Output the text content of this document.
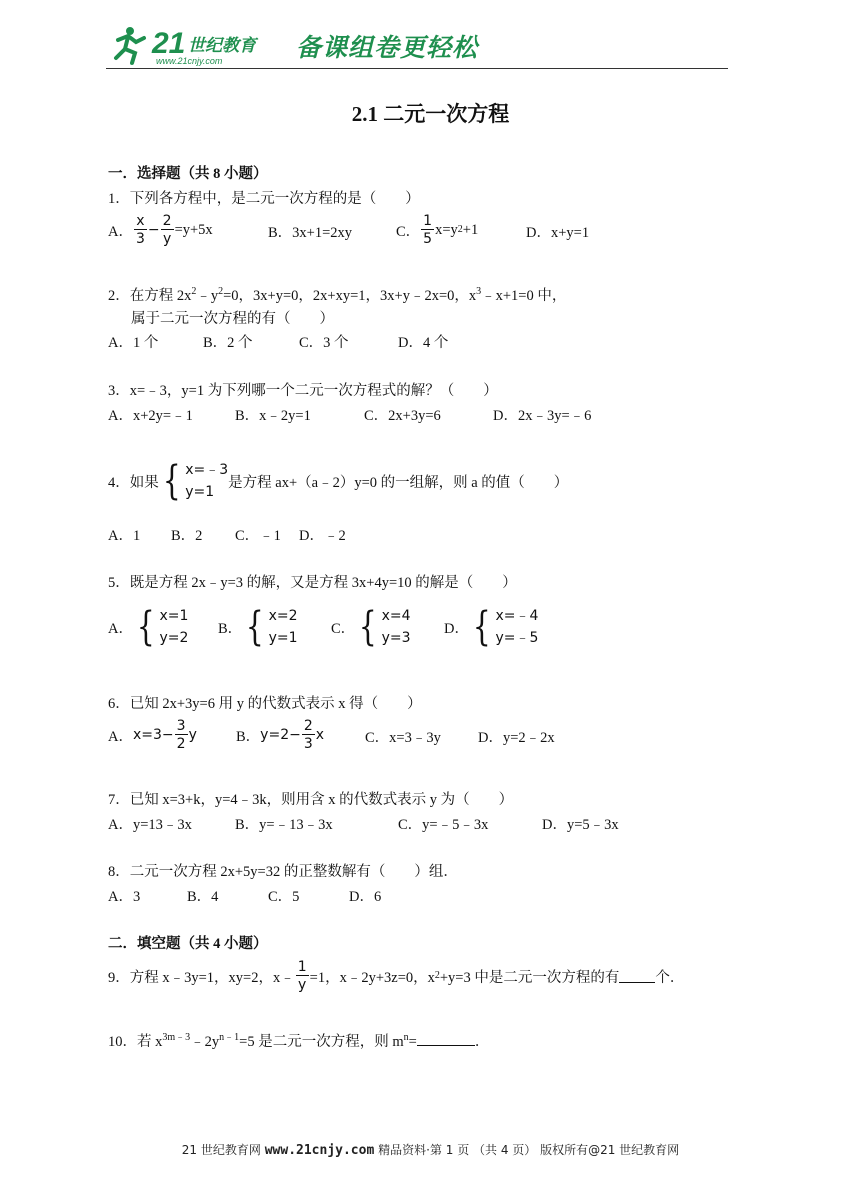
21 世纪教育
www.21cnjy.com	备课组卷更轻松
2.1 二元一次方程
一．选择题（共 8 小题）
1．下列各方程中，是二元一次方程的是（　　）
A． $\frac{x}{3} - \frac{2}{y} =y+5x$	B．3x+1=2xy	C． $\frac{1}{5} x=y$ 2 +1	D．x+y=1
2．在方程 $2x^2﹣y^2=0$，3x+y=0，2x+xy=1，3x+y﹣2x=0，$x^3﹣x+1=0$ 中，
属于二元一次方程的有（　　）
A．1 个	B．2 个	C．3 个	D．4 个
3．x=﹣3，y=1 为下列哪一个二元一次方程式的解？（　　）
A．x+2y=﹣1	B．x﹣2y=1	C．2x+3y=6	D．2x﹣3y=﹣6
4．如果 { x=﹣3
y=1
是方程 ax+（a﹣2）y=0 的一组解，则 a 的值（　　）
A．1 B．2 C．﹣1 D．﹣2
5．既是方程 2x﹣y=3 的解，又是方程 3x+4y=10 的解是（　　）
A． { x=1
y=2
B． { x=2
y=1
C． { x=4
y=3
D． { x=﹣4
y=﹣5
6．已知 2x+3y=6 用 y 的代数式表示 x 得（　　）
A． $x=3- \frac{3}{2}$ y	B． $y=2- \frac{2}{3}$ x	C．x=3﹣3y	D．y=2﹣2x
7．已知 x=3+k，y=4﹣3k，则用含 x 的代数式表示 y 为（　　）
A．y=13﹣3x	B．y=﹣13﹣3x	C．y=﹣5﹣3x	D．y=5﹣3x
8．二元一次方程 2x+5y=32 的正整数解有（　　）组．
A．3	B．4	C．5	D．6
二．填空题（共 4 小题）
9．方程 x﹣3y=1，xy=2，x﹣ $\frac{1}{y} =1$，x﹣2y+3z=0，x 2 +y=3 中是二元一次方程的有 个．
10．若 $x^{3m﹣3}﹣2y^{n﹣1}=5$ 是二元一次方程，则 $m^n=$	．
21 世纪教育网 www.21cnjy.com 精品资料·第 1 页 （共 4 页） 版权所有@21 世纪教育网
